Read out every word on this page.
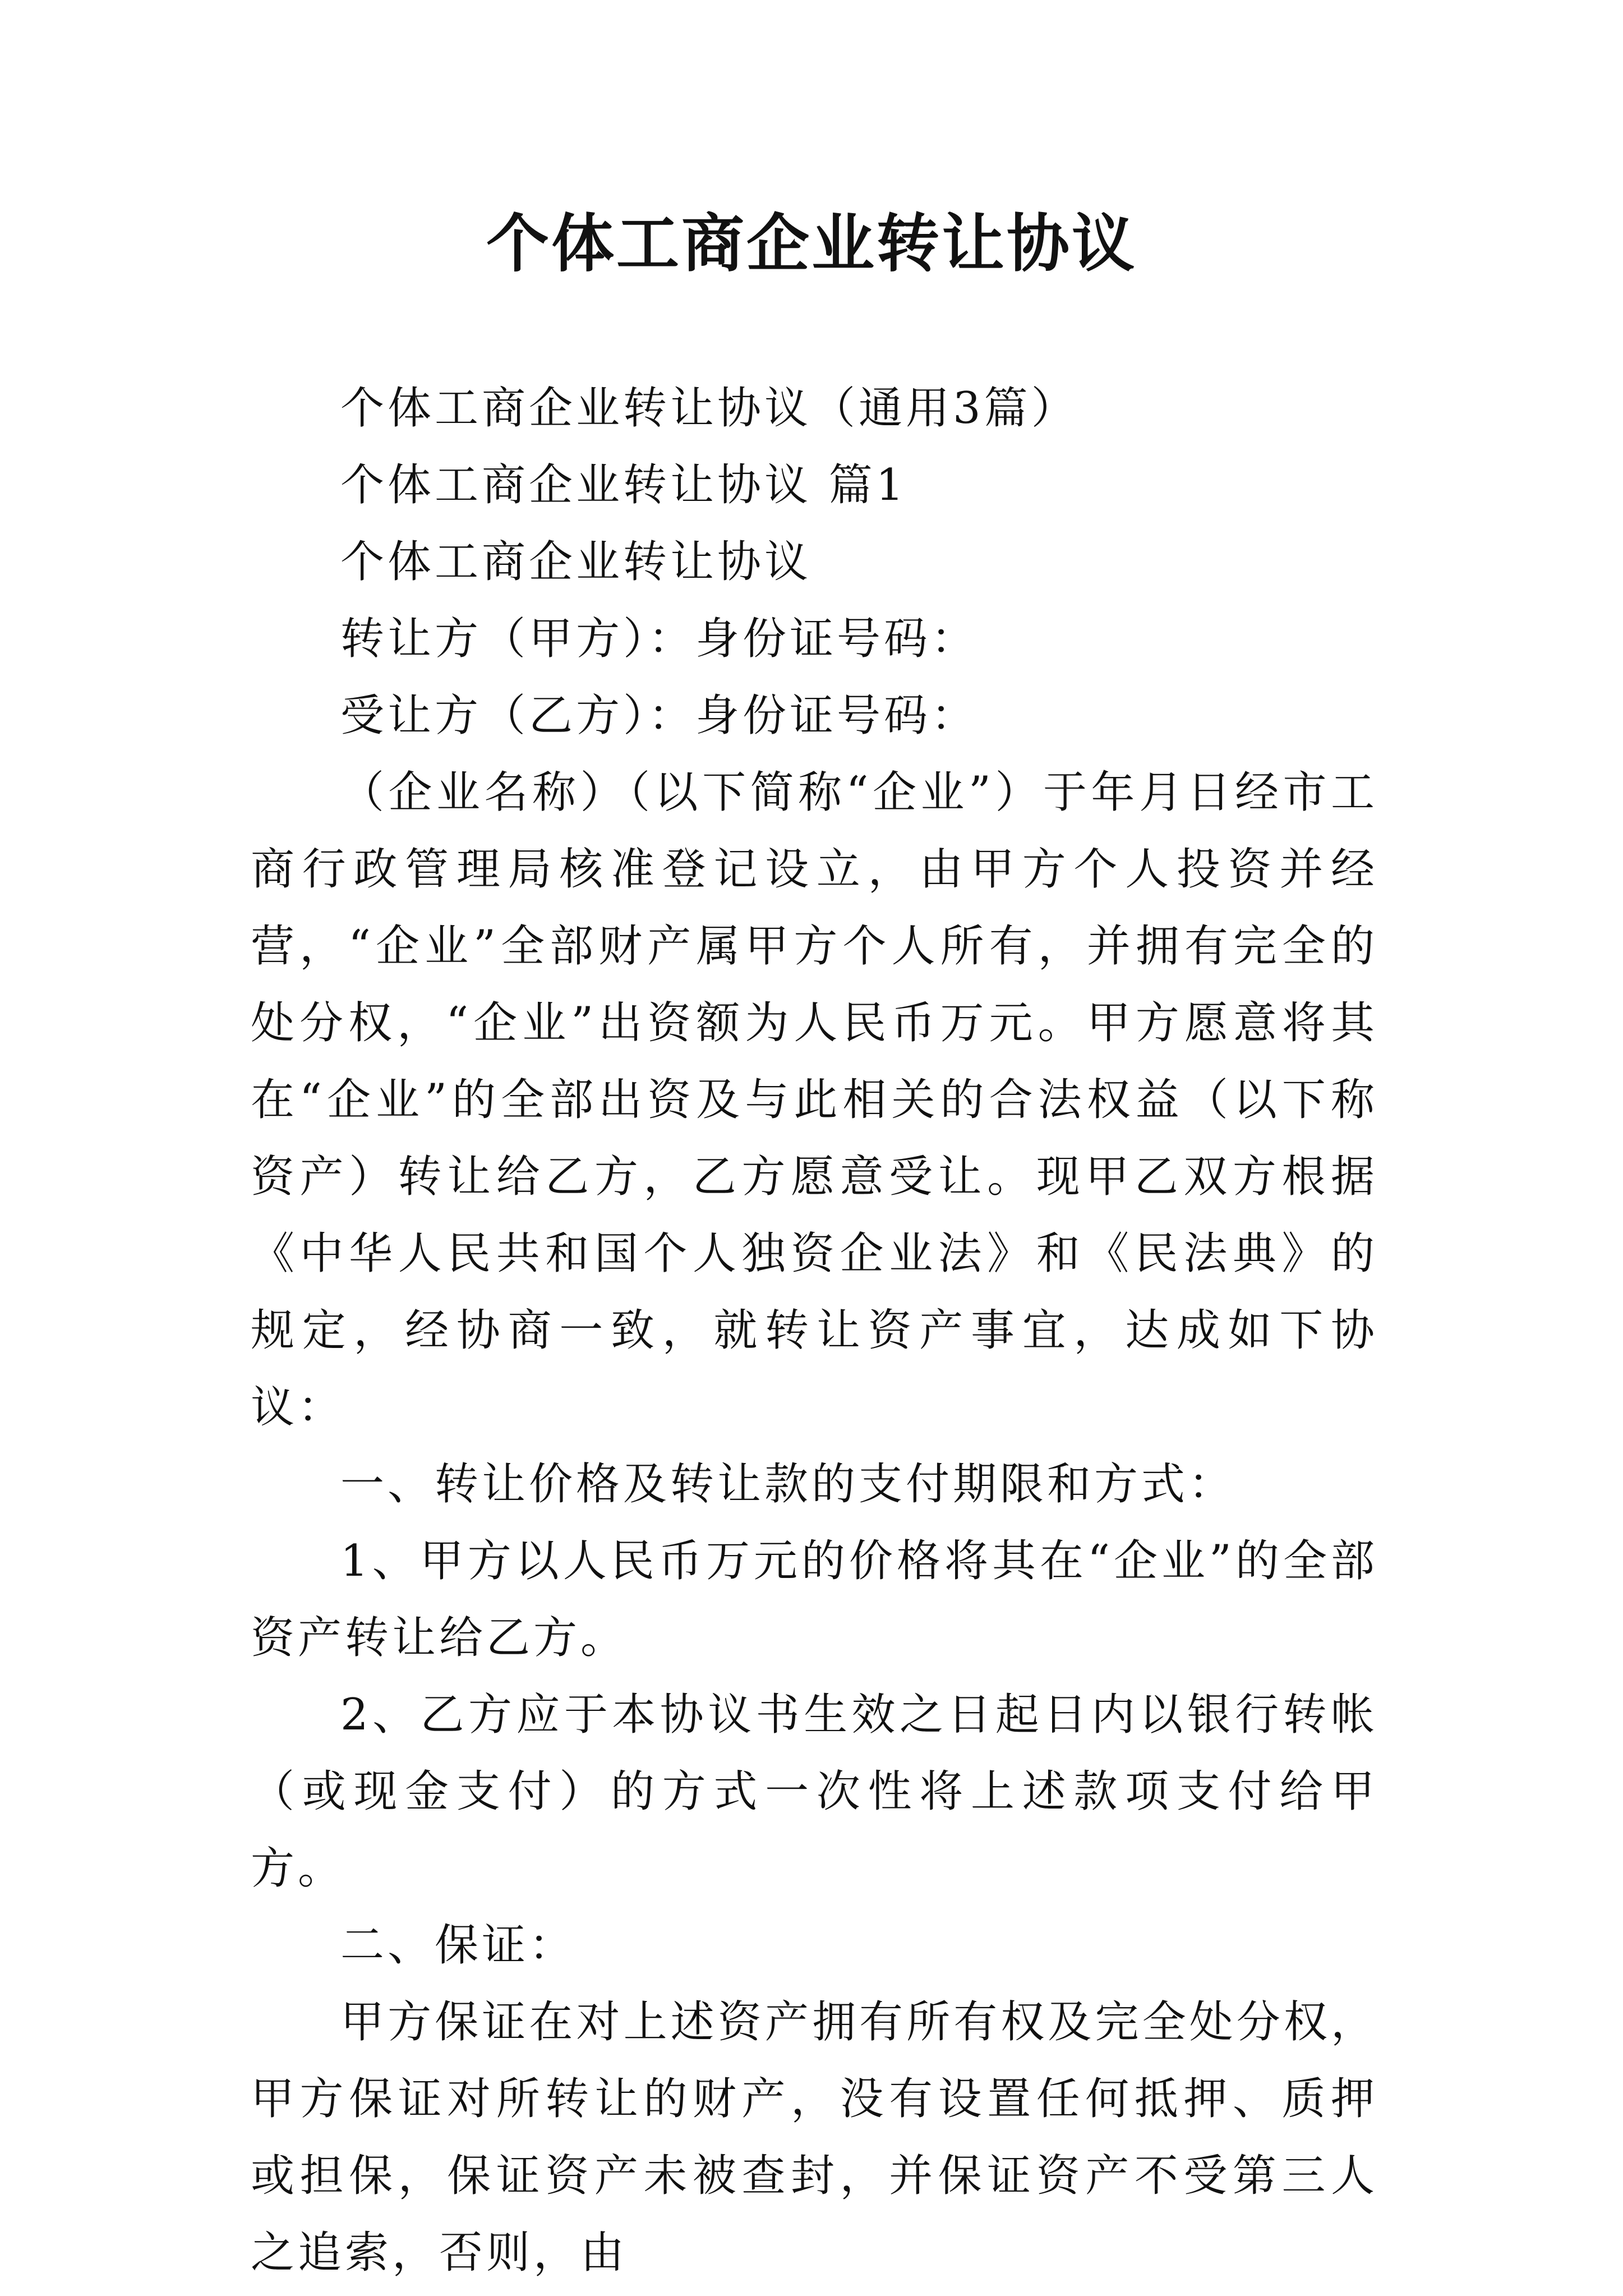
个体工商企业转让协议

个体工商企业转让协议（通用3篇）

个体工商企业转让协议 篇1

个体工商企业转让协议

转让方（甲方）：身份证号码：

受让方（乙方）：身份证号码：

（企业名称）（以下简称“企业”）于年月日经市工商行政管理局核准登记设立，由甲方个人投资并经营，“企业”全部财产属甲方个人所有，并拥有完全的处分权，“企业”出资额为人民币万元。甲方愿意将其在“企业”的全部出资及与此相关的合法权益（以下称资产）转让给乙方，乙方愿意受让。现甲乙双方根据《中华人民共和国个人独资企业法》和《民法典》的规定，经协商一致，就转让资产事宜，达成如下协议：

一、转让价格及转让款的支付期限和方式：

1、甲方以人民币万元的价格将其在“企业”的全部资产转让给乙方。

2、乙方应于本协议书生效之日起日内以银行转帐（或现金支付）的方式一次性将上述款项支付给甲方。

二、保证：

甲方保证在对上述资产拥有所有权及完全处分权，甲方保证对所转让的财产，没有设置任何抵押、质押或担保，保证资产未被查封，并保证资产不受第三人之追索，否则，由
